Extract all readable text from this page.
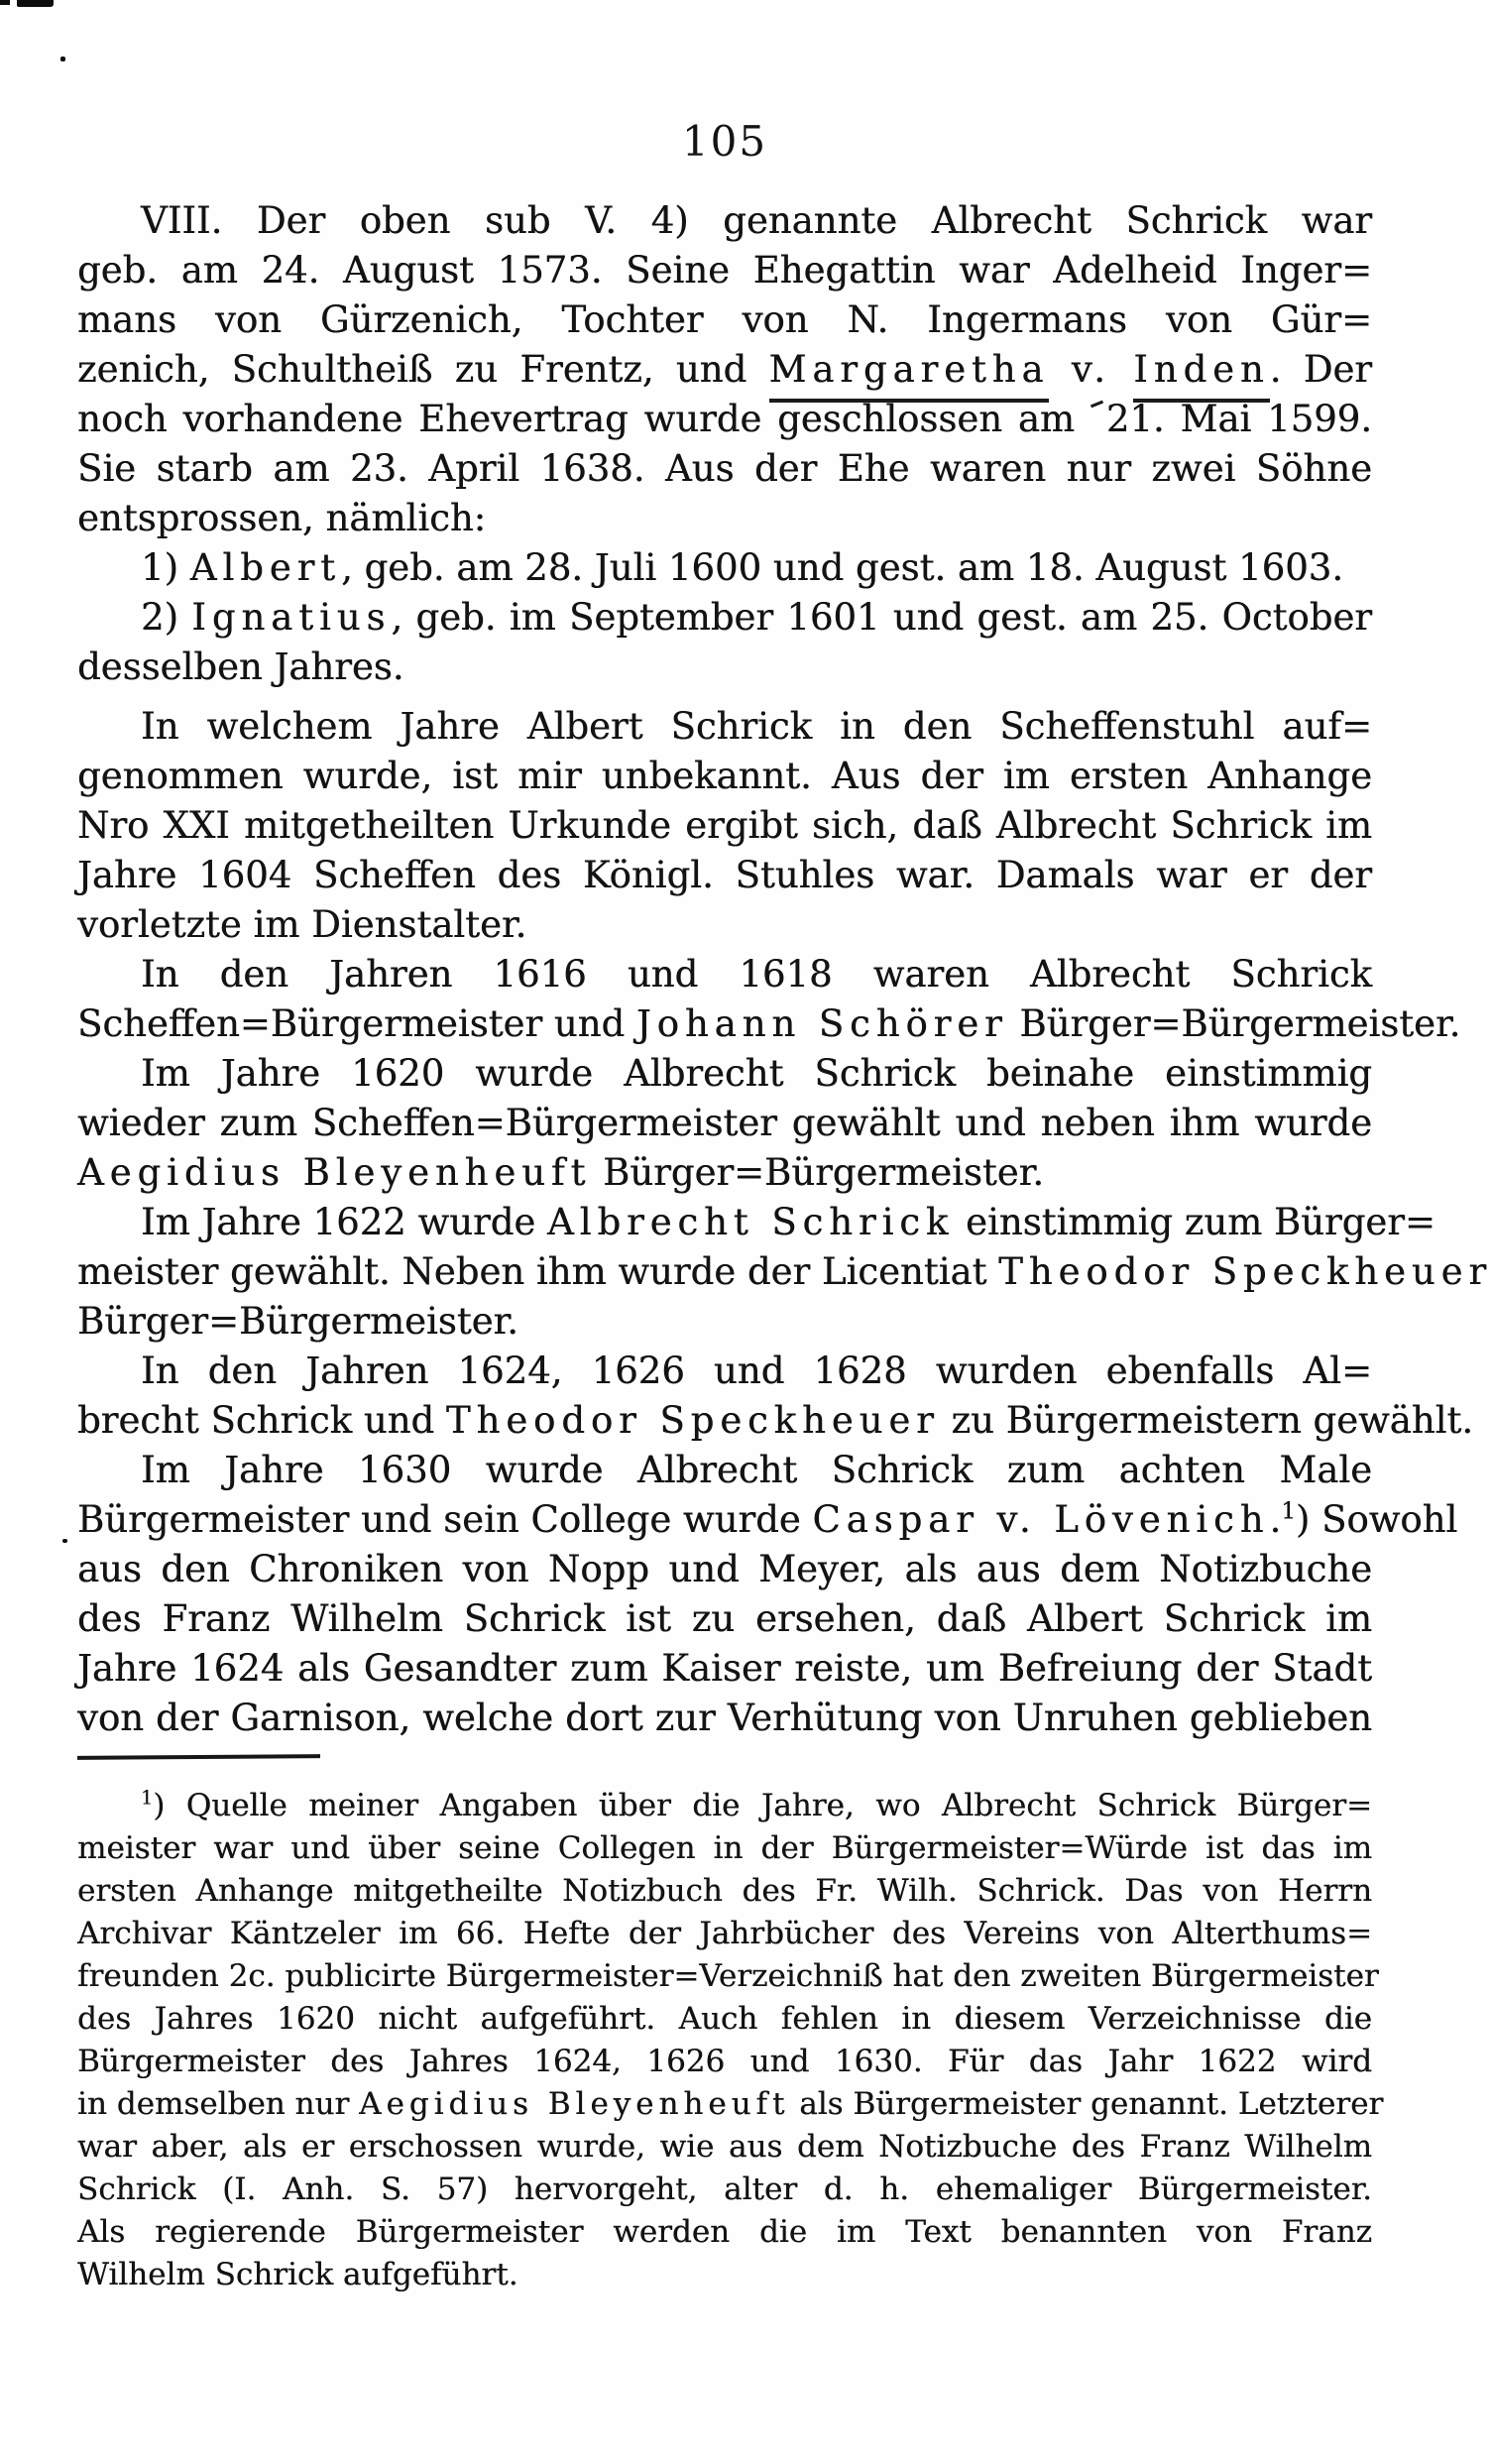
105
VIII. Der oben sub V. 4) genannte Albrecht Schrick war
geb. am 24. August 1573. Seine Ehegattin war Adelheid Inger=
mans von Gürzenich, Tochter von N. Ingermans von Gür=
zenich, Schultheiß zu Frentz, und Margaretha v. Inden. Der
noch vorhandene Ehevertrag wurde geschlossen am 21. Mai 1599.
Sie starb am 23. April 1638. Aus der Ehe waren nur zwei Söhne
entsprossen, nämlich:
1) Albert, geb. am 28. Juli 1600 und gest. am 18. August 1603.
2) Ignatius, geb. im September 1601 und gest. am 25. October
desselben Jahres.
In welchem Jahre Albert Schrick in den Scheffenstuhl auf=
genommen wurde, ist mir unbekannt. Aus der im ersten Anhange
Nro XXI mitgetheilten Urkunde ergibt sich, daß Albrecht Schrick im
Jahre 1604 Scheffen des Königl. Stuhles war. Damals war er der
vorletzte im Dienstalter.
In den Jahren 1616 und 1618 waren Albrecht Schrick
Scheffen=Bürgermeister und Johann Schörer Bürger=Bürgermeister.
Im Jahre 1620 wurde Albrecht Schrick beinahe einstimmig
wieder zum Scheffen=Bürgermeister gewählt und neben ihm wurde
Aegidius Bleyenheuft Bürger=Bürgermeister.
Im Jahre 1622 wurde Albrecht Schrick einstimmig zum Bürger=
meister gewählt. Neben ihm wurde der Licentiat Theodor Speckheuer
Bürger=Bürgermeister.
In den Jahren 1624, 1626 und 1628 wurden ebenfalls Al=
brecht Schrick und Theodor Speckheuer zu Bürgermeistern gewählt.
Im Jahre 1630 wurde Albrecht Schrick zum achten Male
Bürgermeister und sein College wurde Caspar v. Lövenich.$^1$) Sowohl
aus den Chroniken von Nopp und Meyer, als aus dem Notizbuche
des Franz Wilhelm Schrick ist zu ersehen, daß Albert Schrick im
Jahre 1624 als Gesandter zum Kaiser reiste, um Befreiung der Stadt
von der Garnison, welche dort zur Verhütung von Unruhen geblieben
$^1$) Quelle meiner Angaben über die Jahre, wo Albrecht Schrick Bürger=
meister war und über seine Collegen in der Bürgermeister=Würde ist das im
ersten Anhange mitgetheilte Notizbuch des Fr. Wilh. Schrick. Das von Herrn
Archivar Käntzeler im 66. Hefte der Jahrbücher des Vereins von Alterthums=
freunden 2c. publicirte Bürgermeister=Verzeichniß hat den zweiten Bürgermeister
des Jahres 1620 nicht aufgeführt. Auch fehlen in diesem Verzeichnisse die
Bürgermeister des Jahres 1624, 1626 und 1630. Für das Jahr 1622 wird
in demselben nur Aegidius Bleyenheuft als Bürgermeister genannt. Letzterer
war aber, als er erschossen wurde, wie aus dem Notizbuche des Franz Wilhelm
Schrick (I. Anh. S. 57) hervorgeht, alter d. h. ehemaliger Bürgermeister.
Als regierende Bürgermeister werden die im Text benannten von Franz
Wilhelm Schrick aufgeführt.
